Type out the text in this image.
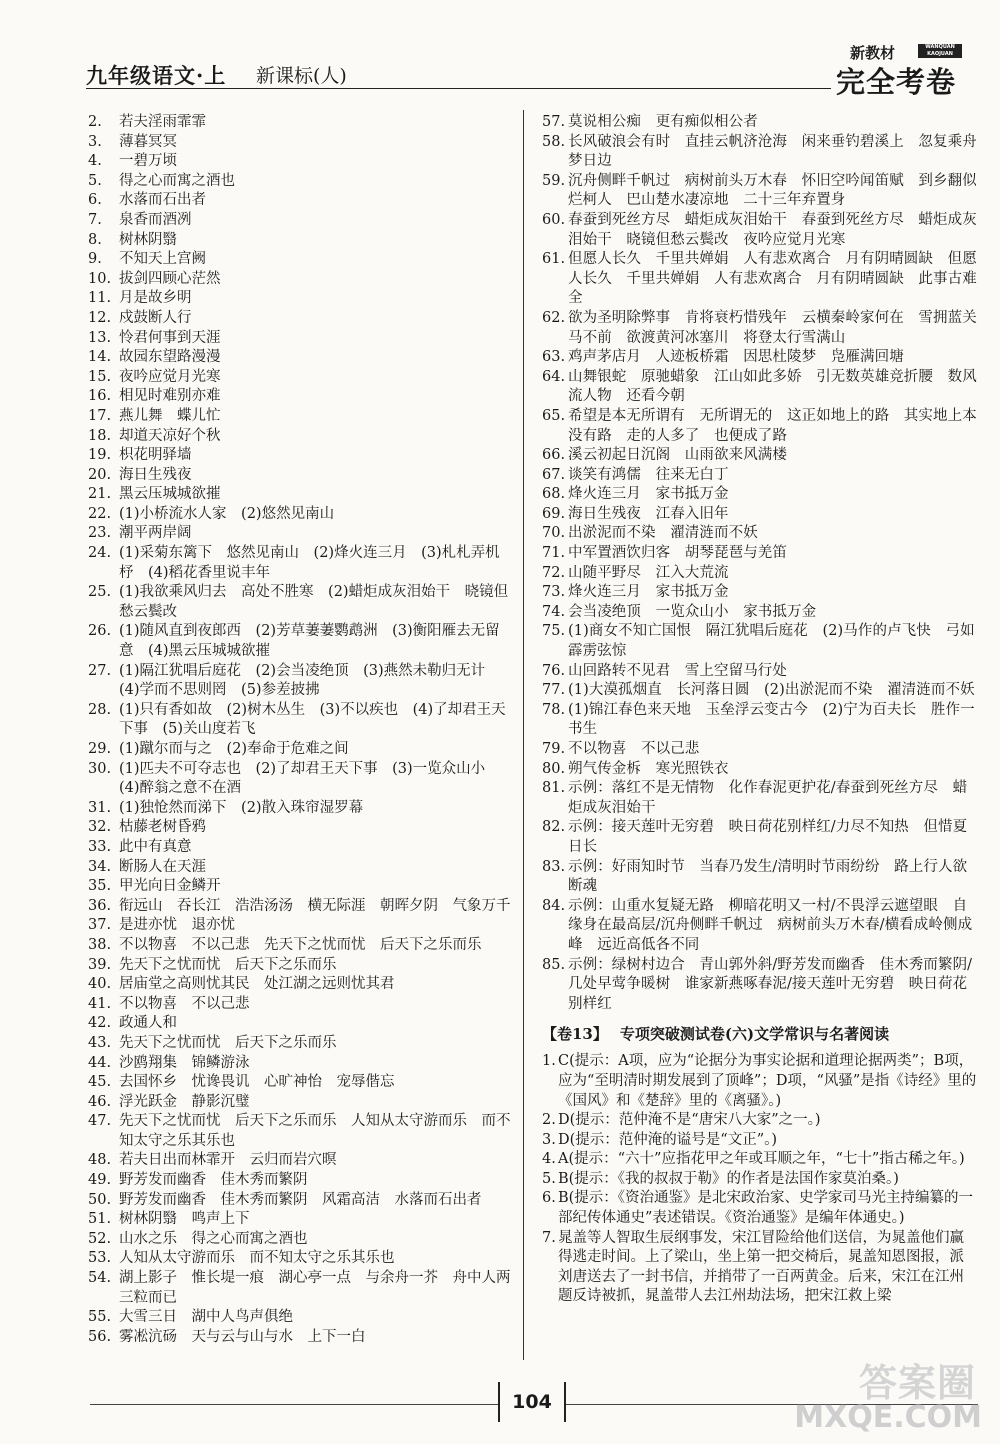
九年级语文·上 新课标(人)
新教材	WANQUAN KAOJUAN
完全考卷
2.	若夫淫雨霏霏
3.	薄暮冥冥
4.	一碧万顷
5.	得之心而寓之酒也
6.	水落而石出者
7.	泉香而酒冽
8.	树林阴翳
9.	不知天上宫阙
10. 拔剑四顾心茫然
11. 月是故乡明
12. 戍鼓断人行
13. 怜君何事到天涯
14. 故园东望路漫漫
15. 夜吟应觉月光寒
16. 相见时难别亦难
17. 燕儿舞　蝶儿忙
18. 却道天凉好个秋
19. 枳花明驿墙
20. 海日生残夜
21. 黑云压城城欲摧
22. (1)小桥流水人家　(2)悠然见南山
23. 潮平两岸阔
24. (1)采菊东篱下　悠然见南山　(2)烽火连三月　(3)札札弄机杼　(4)稻花香里说丰年
25. (1)我欲乘风归去　高处不胜寒　(2)蜡炬成灰泪始干　晓镜但愁云鬓改
26. (1)随风直到夜郎西　(2)芳草萋萋鹦鹉洲　(3)衡阳雁去无留意　(4)黑云压城城欲摧
27. (1)隔江犹唱后庭花　(2)会当凌绝顶　(3)燕然未勒归无计　(4)学而不思则罔　(5)参差披拂
28. (1)只有香如故　(2)树木丛生　(3)不以疾也　(4)了却君王天下事　(5)关山度若飞
29. (1)蹴尔而与之　(2)奉命于危难之间
30. (1)匹夫不可夺志也　(2)了却君王天下事　(3)一览众山小　(4)醉翁之意不在酒
31. (1)独怆然而涕下　(2)散入珠帘湿罗幕
32. 枯藤老树昏鸦
33. 此中有真意
34. 断肠人在天涯
35. 甲光向日金鳞开
36. 衔远山　吞长江　浩浩汤汤　横无际涯　朝晖夕阴　气象万千
37. 是进亦忧　退亦忧
38. 不以物喜　不以己悲　先天下之忧而忧　后天下之乐而乐
39. 先天下之忧而忧　后天下之乐而乐
40. 居庙堂之高则忧其民　处江湖之远则忧其君
41. 不以物喜　不以己悲
42. 政通人和
43. 先天下之忧而忧　后天下之乐而乐
44. 沙鸥翔集　锦鳞游泳
45. 去国怀乡　忧谗畏讥　心旷神怡　宠辱偕忘
46. 浮光跃金　静影沉璧
47. 先天下之忧而忧　后天下之乐而乐　人知从太守游而乐　而不知太守之乐其乐也
48. 若夫日出而林霏开　云归而岩穴暝
49. 野芳发而幽香　佳木秀而繁阴
50. 野芳发而幽香　佳木秀而繁阴　风霜高洁　水落而石出者
51. 树林阴翳　鸣声上下
52. 山水之乐　得之心而寓之酒也
53. 人知从太守游而乐　而不知太守之乐其乐也
54. 湖上影子　惟长堤一痕　湖心亭一点　与余舟一芥　舟中人两三粒而已
55. 大雪三日　湖中人鸟声俱绝
56. 雾凇沆砀　天与云与山与水　上下一白
57. 莫说相公痴　更有痴似相公者
58. 长风破浪会有时　直挂云帆济沧海　闲来垂钓碧溪上　忽复乘舟梦日边
59. 沉舟侧畔千帆过　病树前头万木春　怀旧空吟闻笛赋　到乡翻似烂柯人　巴山楚水凄凉地　二十三年弃置身
60. 春蚕到死丝方尽　蜡炬成灰泪始干　春蚕到死丝方尽　蜡炬成灰泪始干　晓镜但愁云鬓改　夜吟应觉月光寒
61. 但愿人长久　千里共婵娟　人有悲欢离合　月有阴晴圆缺　但愿人长久　千里共婵娟　人有悲欢离合　月有阴晴圆缺　此事古难全
62. 欲为圣明除弊事　肯将衰朽惜残年　云横秦岭家何在　雪拥蓝关马不前　欲渡黄河冰塞川　将登太行雪满山
63. 鸡声茅店月　人迹板桥霜　因思杜陵梦　凫雁满回塘
64. 山舞银蛇　原驰蜡象　江山如此多娇　引无数英雄竞折腰　数风流人物　还看今朝
65. 希望是本无所谓有　无所谓无的　这正如地上的路　其实地上本没有路　走的人多了　也便成了路
66. 溪云初起日沉阁　山雨欲来风满楼
67. 谈笑有鸿儒　往来无白丁
68. 烽火连三月　家书抵万金
69. 海日生残夜　江春入旧年
70. 出淤泥而不染　濯清涟而不妖
71. 中军置酒饮归客　胡琴琵琶与羌笛
72. 山随平野尽　江入大荒流
73. 烽火连三月　家书抵万金
74. 会当凌绝顶　一览众山小　家书抵万金
75. (1)商女不知亡国恨　隔江犹唱后庭花　(2)马作的卢飞快　弓如霹雳弦惊
76. 山回路转不见君　雪上空留马行处
77. (1)大漠孤烟直　长河落日圆　(2)出淤泥而不染　濯清涟而不妖
78. (1)锦江春色来天地　玉垒浮云变古今　(2)宁为百夫长　胜作一书生
79. 不以物喜　不以己悲
80. 朔气传金柝　寒光照铁衣
81. 示例：落红不是无情物　化作春泥更护花/春蚕到死丝方尽　蜡炬成灰泪始干
82. 示例：接天莲叶无穷碧　映日荷花别样红/力尽不知热　但惜夏日长
83. 示例：好雨知时节　当春乃发生/清明时节雨纷纷　路上行人欲断魂
84. 示例：山重水复疑无路　柳暗花明又一村/不畏浮云遮望眼　自缘身在最高层/沉舟侧畔千帆过　病树前头万木春/横看成岭侧成峰　远近高低各不同
85. 示例：绿树村边合　青山郭外斜/野芳发而幽香　佳木秀而繁阴/几处早莺争暖树　谁家新燕啄春泥/接天莲叶无穷碧　映日荷花别样红
【卷13】 专项突破测试卷(六)文学常识与名著阅读
1. C(提示：A项，应为“论据分为事实论据和道理论据两类”；B项，应为“至明清时期发展到了顶峰”；D项，“风骚”是指《诗经》里的《国风》和《楚辞》里的《离骚》。)
2. D(提示：范仲淹不是“唐宋八大家”之一。)
3. D(提示：范仲淹的谥号是“文正”。)
4. A(提示：“六十”应指花甲之年或耳顺之年，“七十”指古稀之年。)
5. B(提示：《我的叔叔于勒》的作者是法国作家莫泊桑。)
6. B(提示：《资治通鉴》是北宋政治家、史学家司马光主持编纂的一部纪传体通史”表述错误。《资治通鉴》是编年体通史。)
7. 晁盖等人智取生辰纲事发，宋江冒险给他们送信，为晁盖他们赢得逃走时间。上了梁山，坐上第一把交椅后，晁盖知恩图报，派刘唐送去了一封书信，并捎带了一百两黄金。后来，宋江在江州题反诗被抓，晁盖带人去江州劫法场，把宋江救上梁
104	答案圈
MXQE.COM
